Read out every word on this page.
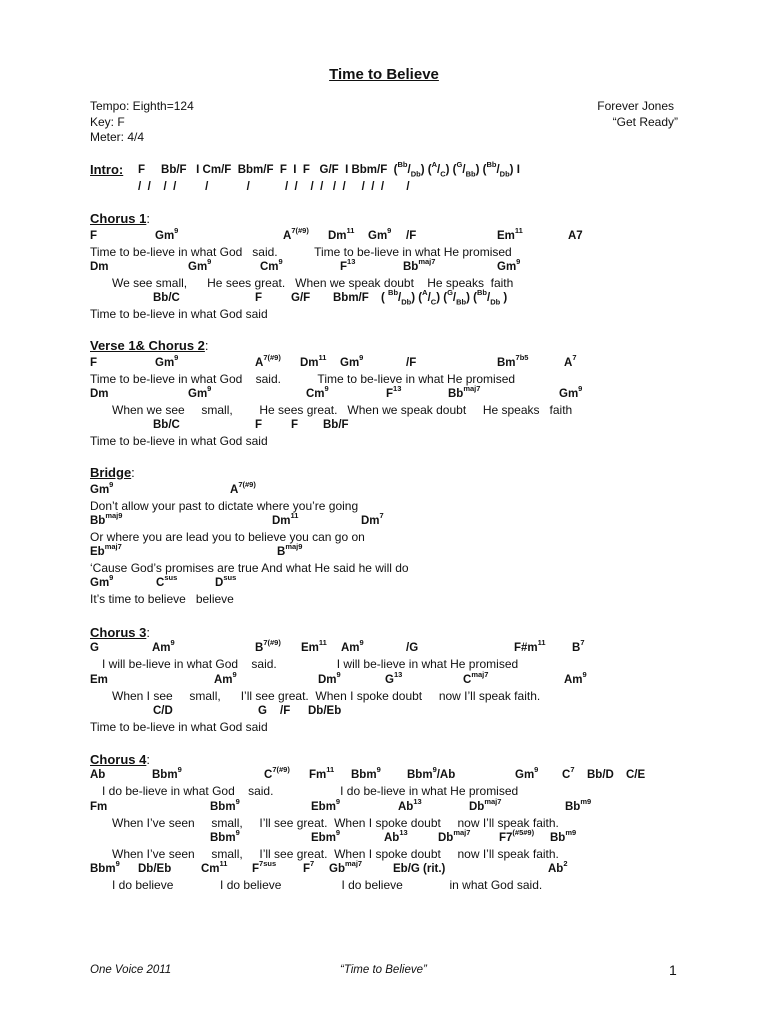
Time to Believe
Tempo: Eighth=124
Key: F
Meter: 4/4
Forever Jones
“Get Ready”
Intro: F Bb/F I Cm/F Bbm/F F I F G/F I Bbm/F $(^{Bb}/_{Db})$ $(^A/_C)$ $(^G/_{Bb})$ $(^{Bb}/_{Db})$ I
/  /    /  /         /            /           /  /    /  /   /  /     /  /  /       /
Chorus 1:
F	Gm$^9$	$A^{7(\#9)}$ Dm$^{11}$ Gm$^9$ /F	Em$^{11}$	A7
Time to be-lieve in what God   said.           Time to be-lieve in what He promised
Dm	Gm$^9$	Cm$^9$	$F^{13}$	$Bb^{maj7}$	Gm$^9$
We see small,      He sees great.   When we speak doubt    He speaks  faith
Bb/C	F	G/F Bbm/F ( $^{Bb}/_{Db}$) $(^A/_C)$ $(^G/_{Bb})$ ($^{Bb}/_{Db}$ )
Time to be-lieve in what God said
Verse 1& Chorus 2:
F	Gm$^9$	$A^{7(\#9)}$ Dm$^{11}$ Gm$^9$	/F	$Bm^{7b5}$	$A^7$
Time to be-lieve in what God    said.           Time to be-lieve in what He promised
Dm	Gm$^9$	Cm$^9$	$F^{13}$	$Bb^{maj7}$	Gm$^9$
When we see     small,        He sees great.   When we speak doubt     He speaks   faith
Bb/C	F	F Bb/F
Time to be-lieve in what God said
Bridge:
Gm$^9$	$A^{7(\#9)}$
Don’t allow your past to dictate where you’re going
$Bb^{maj9}$	Dm$^{11}$	Dm$^7$
Or where you are lead you to believe you can go on
$Eb^{maj7}$	$B^{maj9}$
‘Cause God’s promises are true And what He said he will do
Gm$^9$	$C^{sus}$	$D^{sus}$
It’s time to believe   believe
Chorus 3:
G	Am$^9$	$B^{7(\#9)}$ Em$^{11}$ Am$^9$	/G	$F\#m^{11}$ $B^7$
I will be-lieve in what God    said.                  I will be-lieve in what He promised
Em	Am$^9$	Dm$^9$	$G^{13}$	$C^{maj7}$	Am$^9$
When I see     small,      I’ll see great.  When I spoke doubt     now I’ll speak faith.
C/D	G /F Db/Eb
Time to be-lieve in what God said
Chorus 4:
Ab	Bbm$^9$	$C^{7(\#9)}$ Fm$^{11}$ Bbm$^9$ Bbm$^9$/Ab	Gm$^9$ $C^7$ Bb/D C/E
I do be-lieve in what God    said.                    I do be-lieve in what He promised
Fm	Bbm$^9$	Ebm$^9$	Ab$^{13}$	$Db^{maj7}$	$Bb^{m9}$
When I’ve seen     small,     I’ll see great.  When I spoke doubt     now I’ll speak faith.
Bbm$^9$	Ebm$^9$	Ab$^{13}$	$Db^{maj7}$ $F7^{(\#5\#9)}$ $Bb^{m9}$
When I’ve seen     small,     I’ll see great.  When I spoke doubt     now I’ll speak faith.
Bbm$^9$ Db/Eb	Cm$^{11}$ $F^{7sus}$ $F^7$ $Gb^{maj7}$	Eb/G (rit.)	Ab$^2$
I do believe              I do believe                  I do believe              in what God said.
One Voice 2011	“Time to Believe”	1
